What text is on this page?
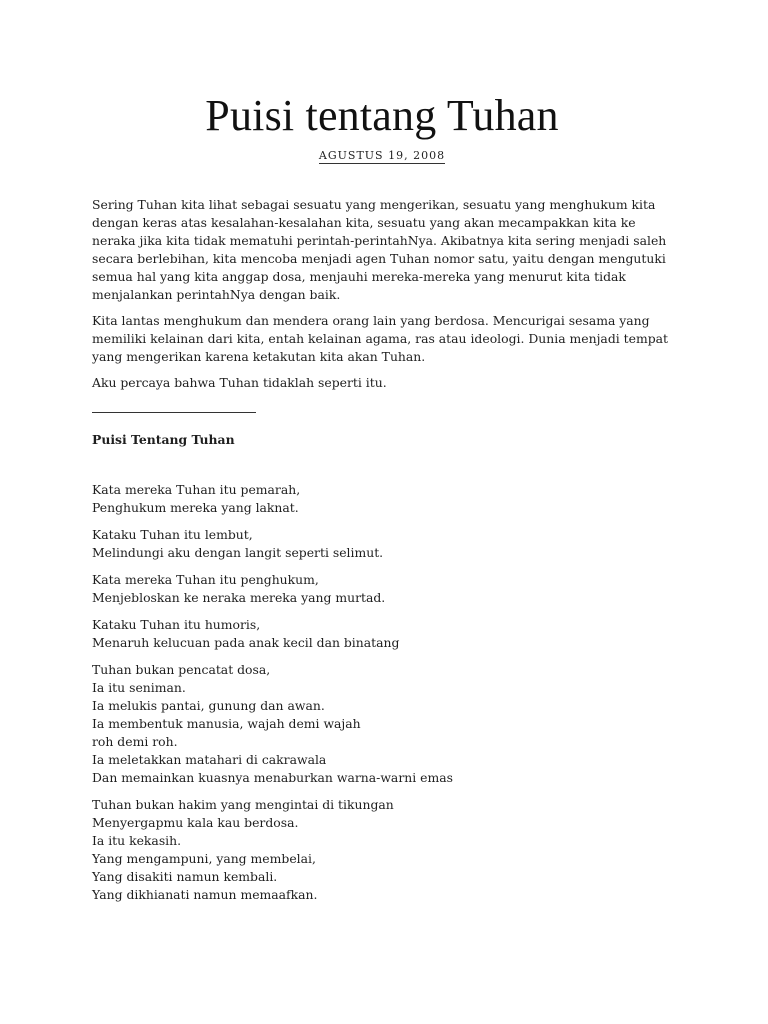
Puisi tentang Tuhan
AGUSTUS 19, 2008

Sering Tuhan kita lihat sebagai sesuatu yang mengerikan, sesuatu yang menghukum kita dengan keras atas kesalahan-kesalahan kita, sesuatu yang akan mecampakkan kita ke neraka jika kita tidak mematuhi perintah-perintahNya. Akibatnya kita sering menjadi saleh secara berlebihan, kita mencoba menjadi agen Tuhan nomor satu, yaitu dengan mengutuki semua hal yang kita anggap dosa, menjauhi mereka-mereka yang menurut kita tidak menjalankan perintahNya dengan baik.

Kita lantas menghukum dan mendera orang lain yang berdosa. Mencurigai sesama yang memiliki kelainan dari kita, entah kelainan agama, ras atau ideologi. Dunia menjadi tempat yang mengerikan karena ketakutan kita akan Tuhan.

Aku percaya bahwa Tuhan tidaklah seperti itu.

Puisi Tentang Tuhan
Kata mereka Tuhan itu pemarah,
Penghukum mereka yang laknat.
Kataku Tuhan itu lembut,
Melindungi aku dengan langit seperti selimut.
Kata mereka Tuhan itu penghukum,
Menjebloskan ke neraka mereka yang murtad.
Kataku Tuhan itu humoris,
Menaruh kelucuan pada anak kecil dan binatang
Tuhan bukan pencatat dosa,
Ia itu seniman.
Ia melukis pantai, gunung dan awan.
Ia membentuk manusia, wajah demi wajah
roh demi roh.
Ia meletakkan matahari di cakrawala
Dan memainkan kuasnya menaburkan warna-warni emas
Tuhan bukan hakim yang mengintai di tikungan
Menyergapmu kala kau berdosa.
Ia itu kekasih.
Yang mengampuni, yang membelai,
Yang disakiti namun kembali.
Yang dikhianati namun memaafkan.
